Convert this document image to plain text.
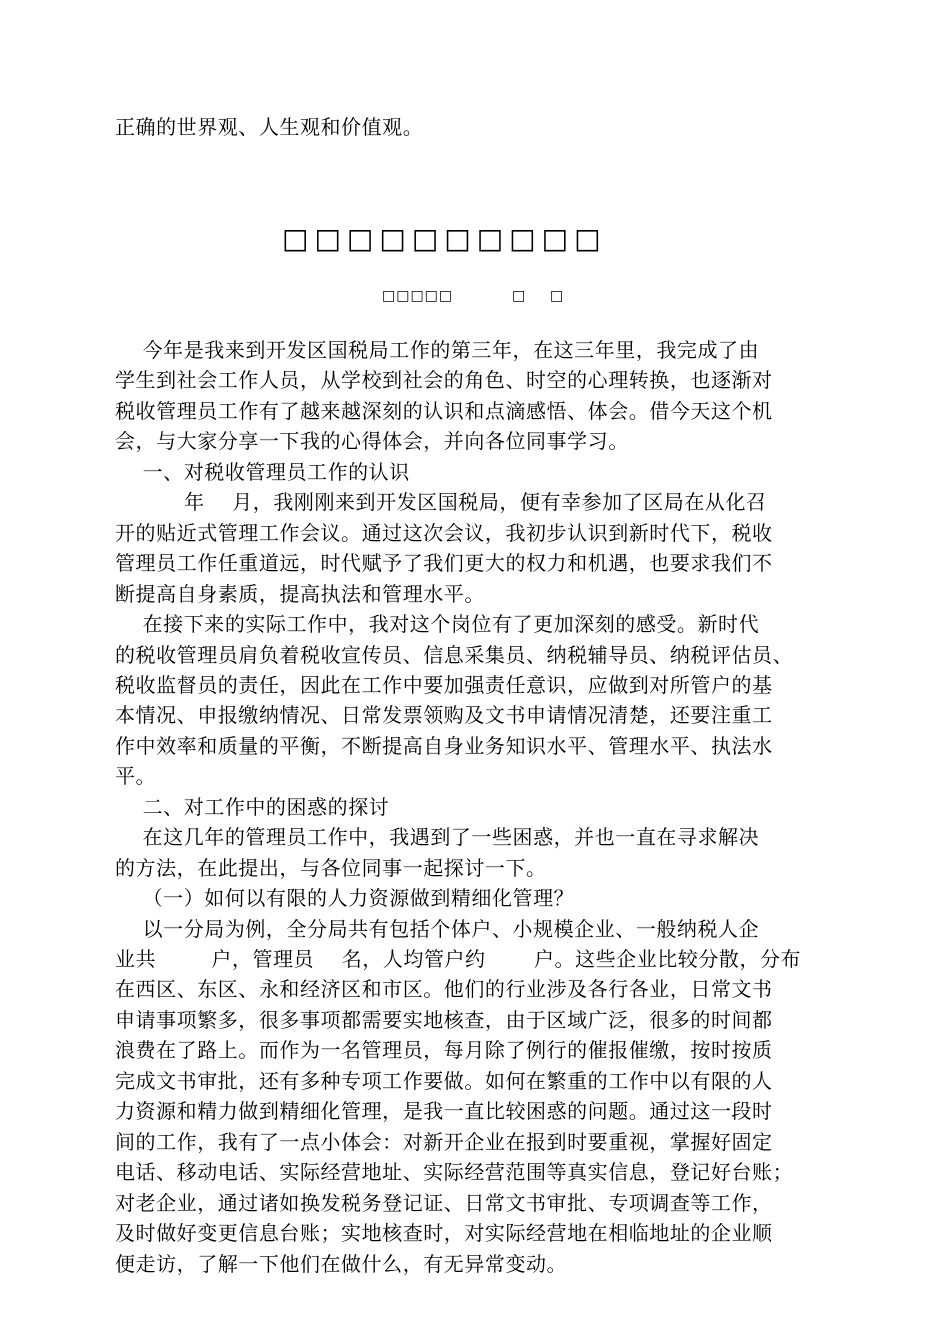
正确的世界观、人生观和价值观。
□□□□□□□□□□
□□□□□	□ □
今年是我来到开发区国税局工作的第三年，在这三年里，我完成了由
学生到社会工作人员，从学校到社会的角色、时空的心理转换，也逐渐对
税收管理员工作有了越来越深刻的认识和点滴感悟、体会。借今天这个机
会，与大家分享一下我的心得体会，并向各位同事学习。
一、对税收管理员工作的认识
年    月，我刚刚来到开发区国税局，便有幸参加了区局在从化召
开的贴近式管理工作会议。通过这次会议，我初步认识到新时代下，税收
管理员工作任重道远，时代赋予了我们更大的权力和机遇，也要求我们不
断提高自身素质，提高执法和管理水平。
在接下来的实际工作中，我对这个岗位有了更加深刻的感受。新时代
的税收管理员肩负着税收宣传员、信息采集员、纳税辅导员、纳税评估员、
税收监督员的责任，因此在工作中要加强责任意识，应做到对所管户的基
本情况、申报缴纳情况、日常发票领购及文书申请情况清楚，还要注重工
作中效率和质量的平衡，不断提高自身业务知识水平、管理水平、执法水
平。
二、对工作中的困惑的探讨
在这几年的管理员工作中，我遇到了一些困惑，并也一直在寻求解决
的方法，在此提出，与各位同事一起探讨一下。
（一）如何以有限的人力资源做到精细化管理？
以一分局为例，全分局共有包括个体户、小规模企业、一般纳税人企
业共        户，管理员    名，人均管户约       户。这些企业比较分散，分布
在西区、东区、永和经济区和市区。他们的行业涉及各行各业，日常文书
申请事项繁多，很多事项都需要实地核查，由于区域广泛，很多的时间都
浪费在了路上。而作为一名管理员，每月除了例行的催报催缴，按时按质
完成文书审批，还有多种专项工作要做。如何在繁重的工作中以有限的人
力资源和精力做到精细化管理，是我一直比较困惑的问题。通过这一段时
间的工作，我有了一点小体会：对新开企业在报到时要重视，掌握好固定
电话、移动电话、实际经营地址、实际经营范围等真实信息，登记好台账；
对老企业，通过诸如换发税务登记证、日常文书审批、专项调查等工作，
及时做好变更信息台账；实地核查时，对实际经营地在相临地址的企业顺
便走访，了解一下他们在做什么，有无异常变动。
